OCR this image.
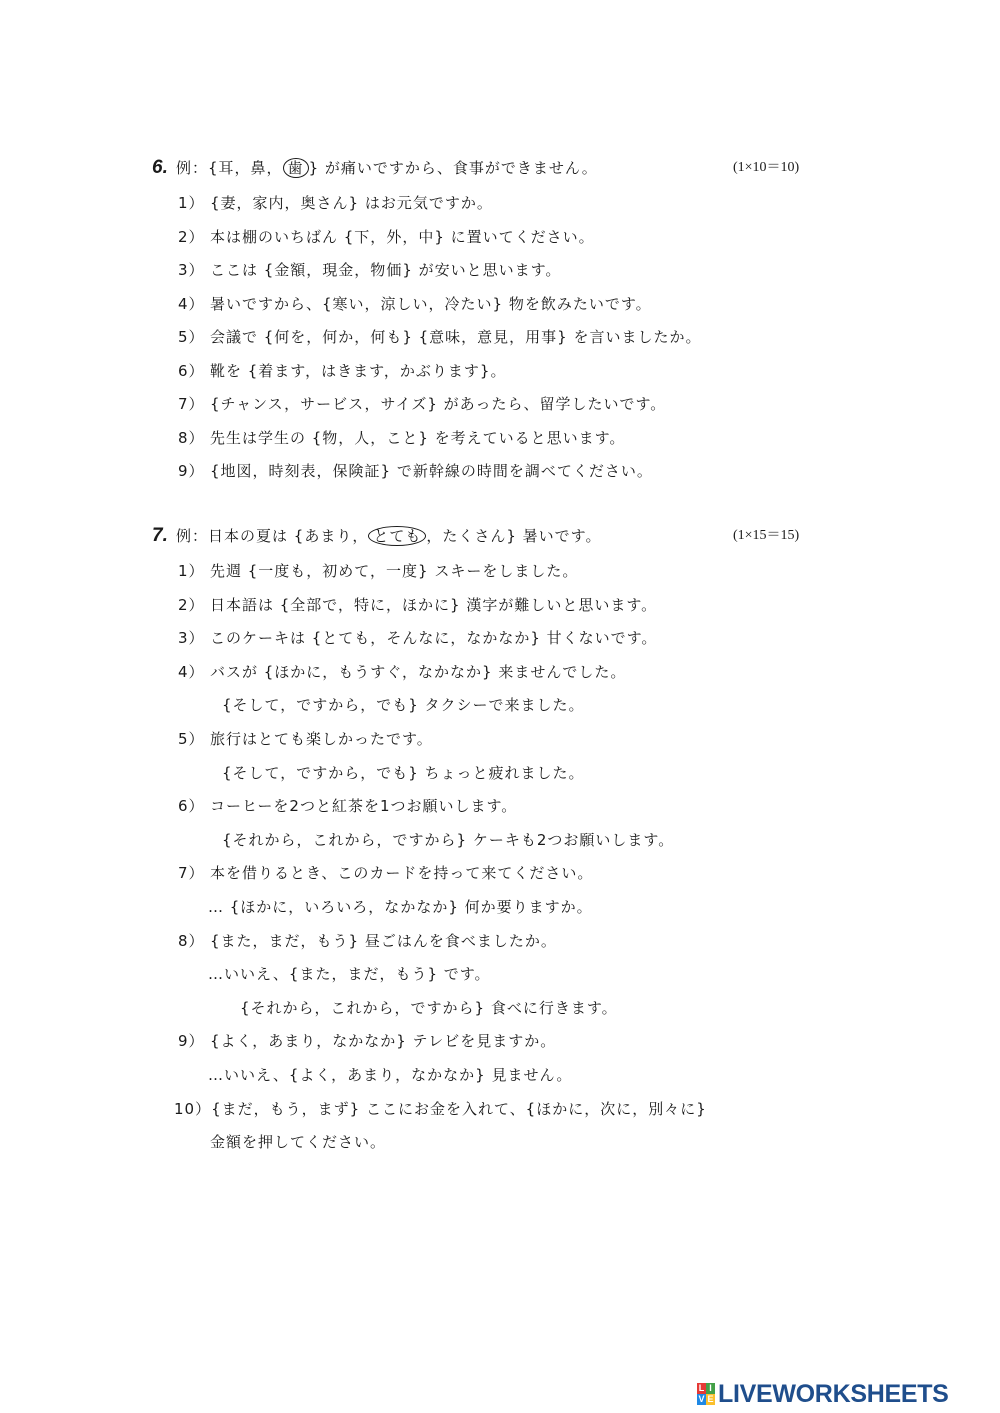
6. 例：{耳，鼻， 歯 } が痛いですから、食事ができません。	(1×10＝10)
1） {妻，家内，奥さん} はお元気ですか。
2） 本は棚のいちばん {下，外，中} に置いてください。
3） ここは {金額，現金，物価} が安いと思います。
4） 暑いですから、{寒い，涼しい，冷たい} 物を飲みたいです。
5） 会議で {何を，何か，何も} {意味，意見，用事} を言いましたか。
6） 靴を {着ます，はきます，かぶります}。
7） {チャンス，サービス，サイズ} があったら、留学したいです。
8） 先生は学生の {物，人，こと} を考えていると思います。
9） {地図，時刻表，保険証} で新幹線の時間を調べてください。
7. 例：日本の夏は {あまり， とても ，たくさん} 暑いです。	(1×15＝15)
1） 先週 {一度も，初めて，一度} スキーをしました。
2） 日本語は {全部で，特に，ほかに} 漢字が難しいと思います。
3） このケーキは {とても，そんなに，なかなか} 甘くないです。
4） バスが {ほかに，もうすぐ，なかなか} 来ませんでした。
{そして，ですから，でも} タクシーで来ました。
5） 旅行はとても楽しかったです。
{そして，ですから，でも} ちょっと疲れました。
6） コーヒーを2つと紅茶を1つお願いします。
{それから，これから，ですから} ケーキも2つお願いします。
7） 本を借りるとき、このカードを持って来てください。
… {ほかに，いろいろ，なかなか} 何か要りますか。
8） {また，まだ，もう} 昼ごはんを食べましたか。
…いいえ、{また，まだ，もう} です。
{それから，これから，ですから} 食べに行きます。
9） {よく，あまり，なかなか} テレビを見ますか。
…いいえ、{よく，あまり，なかなか} 見ません。
10）{まだ，もう，まず} ここにお金を入れて、{ほかに，次に，別々に}
金額を押してください。
L I
V E LIVEWORKSHEETS
